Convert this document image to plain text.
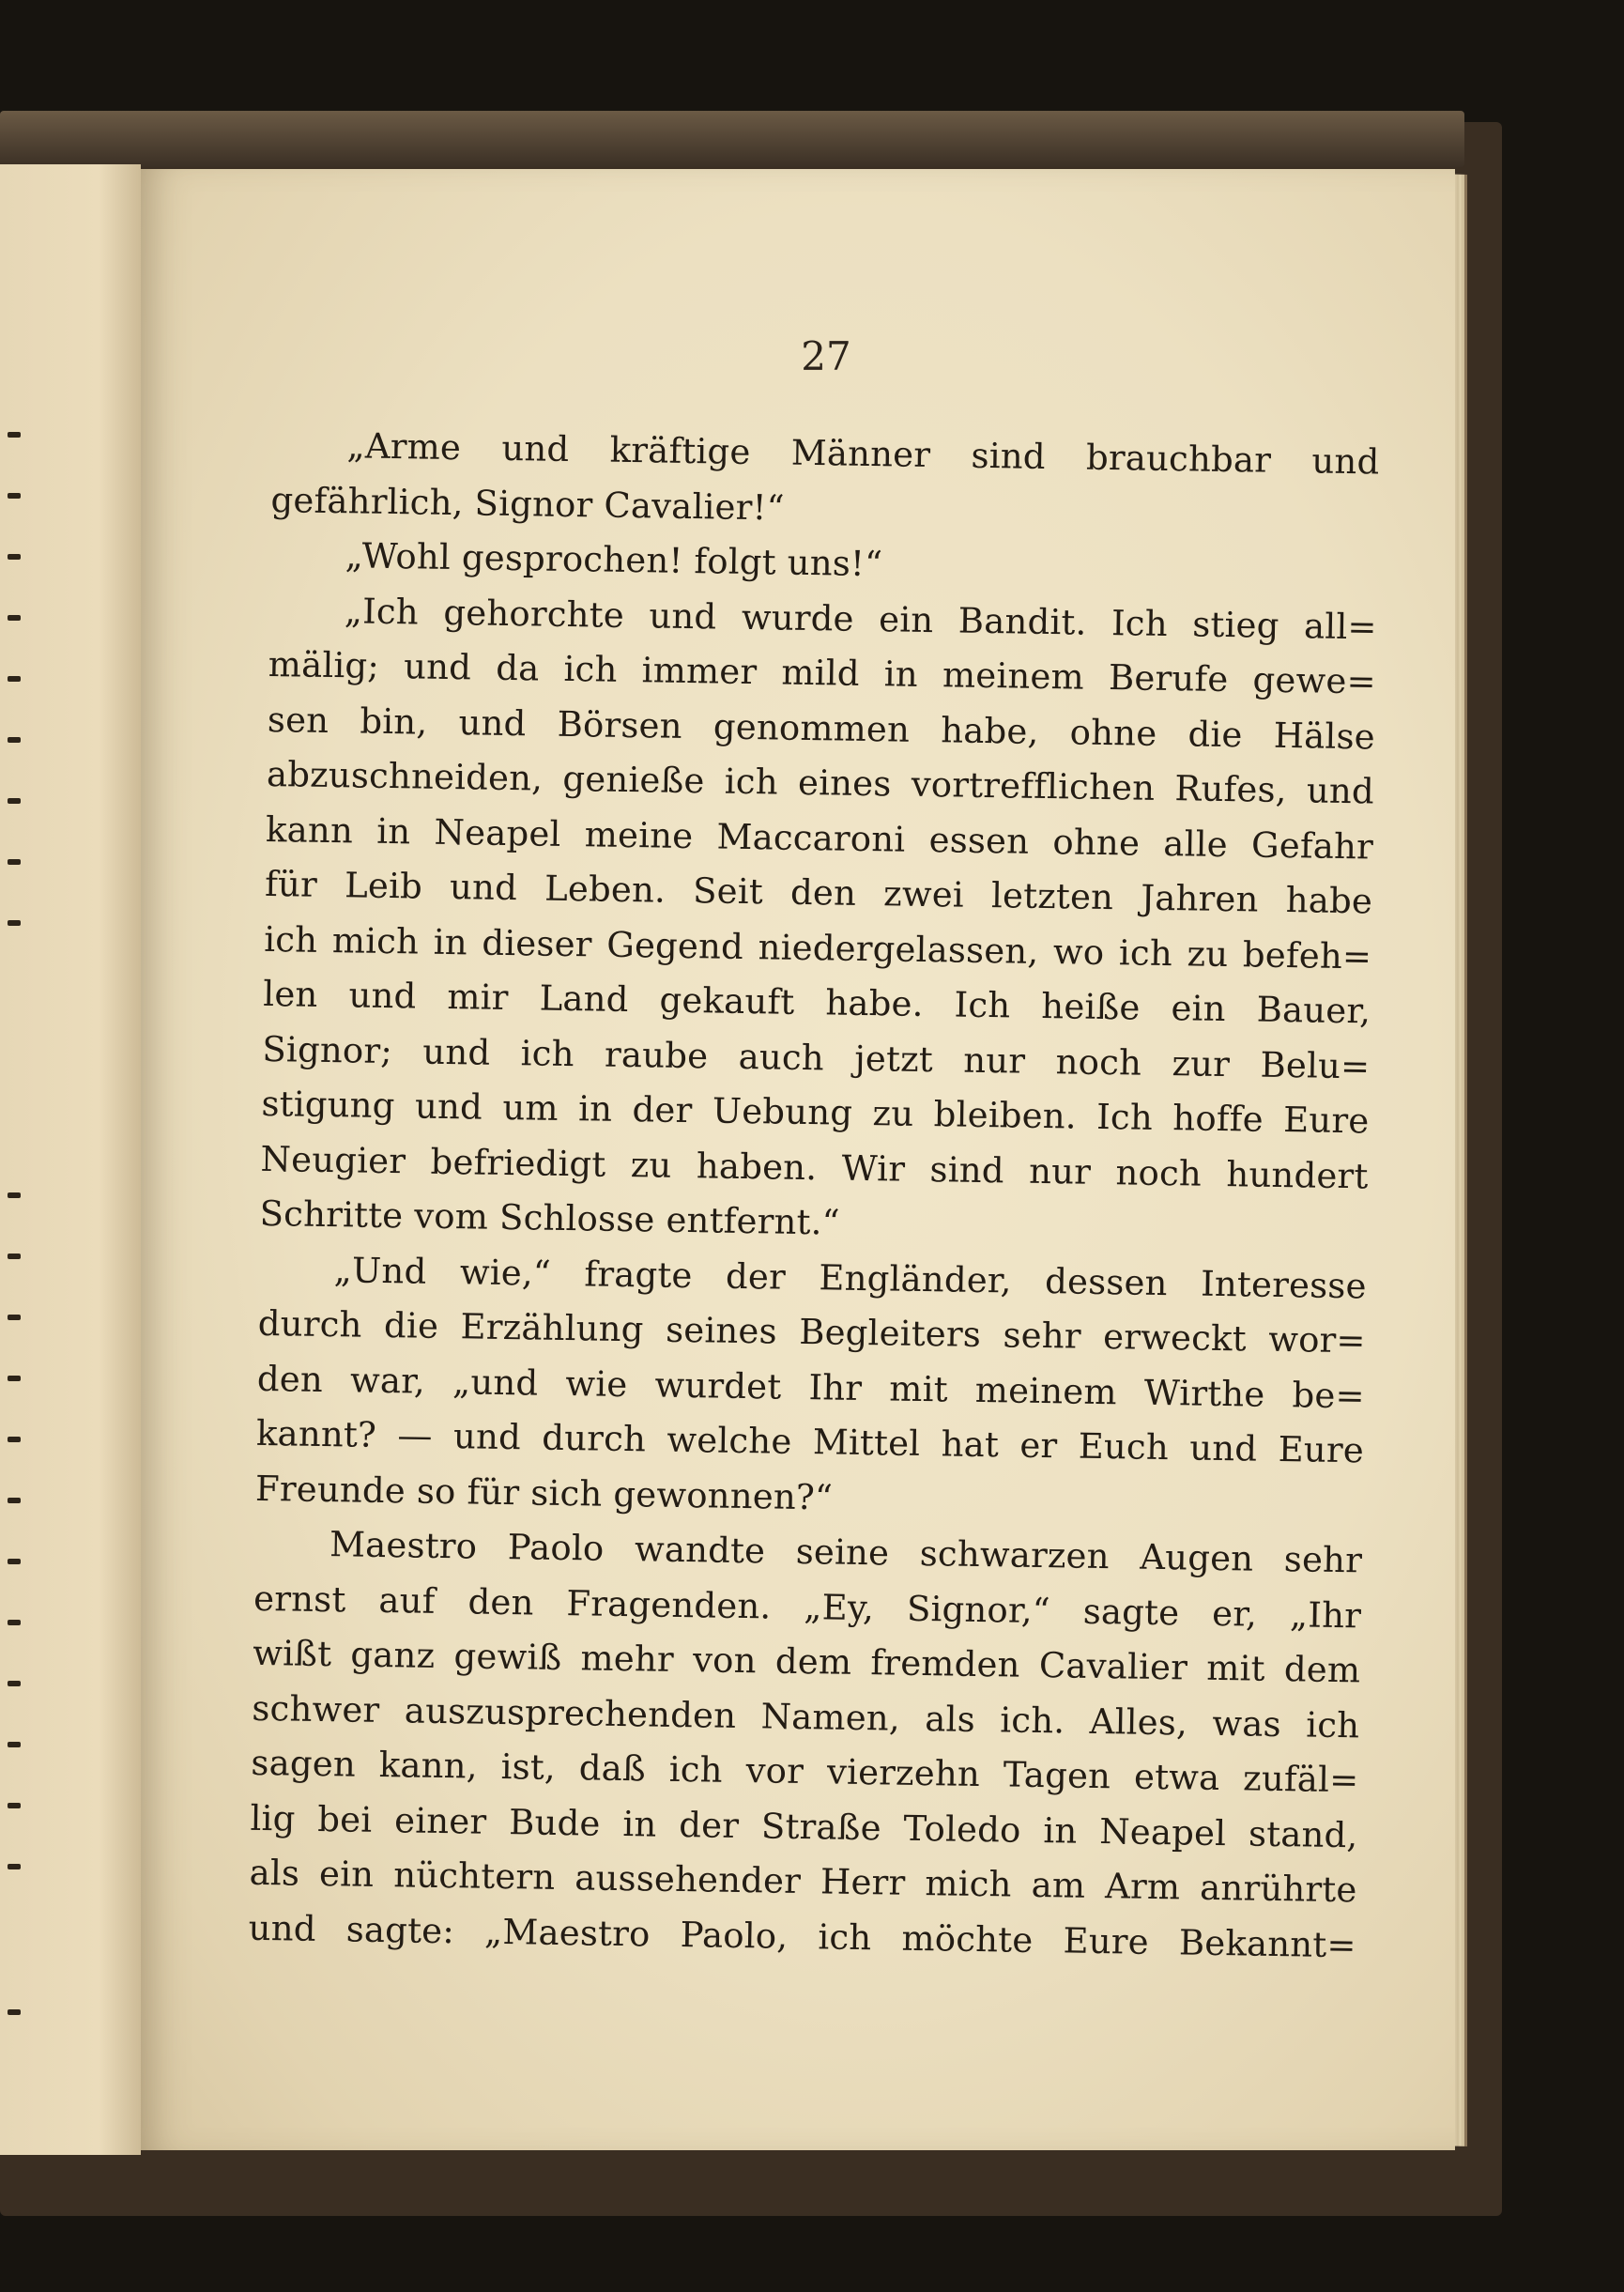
27
„Arme und kräftige Männer sind brauchbar und
gefährlich, Signor Cavalier!“
„Wohl gesprochen! folgt uns!“
„Ich gehorchte und wurde ein Bandit. Ich stieg all=
mälig; und da ich immer mild in meinem Berufe gewe=
sen bin, und Börsen genommen habe, ohne die Hälse
abzuschneiden, genieße ich eines vortrefflichen Rufes, und
kann in Neapel meine Maccaroni essen ohne alle Gefahr
für Leib und Leben. Seit den zwei letzten Jahren habe
ich mich in dieser Gegend niedergelassen, wo ich zu befeh=
len und mir Land gekauft habe. Ich heiße ein Bauer,
Signor; und ich raube auch jetzt nur noch zur Belu=
stigung und um in der Uebung zu bleiben. Ich hoffe Eure
Neugier befriedigt zu haben. Wir sind nur noch hundert
Schritte vom Schlosse entfernt.“
„Und wie,“ fragte der Engländer, dessen Interesse
durch die Erzählung seines Begleiters sehr erweckt wor=
den war, „und wie wurdet Ihr mit meinem Wirthe be=
kannt? — und durch welche Mittel hat er Euch und Eure
Freunde so für sich gewonnen?“
Maestro Paolo wandte seine schwarzen Augen sehr
ernst auf den Fragenden. „Ey, Signor,“ sagte er, „Ihr
wißt ganz gewiß mehr von dem fremden Cavalier mit dem
schwer auszusprechenden Namen, als ich. Alles, was ich
sagen kann, ist, daß ich vor vierzehn Tagen etwa zufäl=
lig bei einer Bude in der Straße Toledo in Neapel stand,
als ein nüchtern aussehender Herr mich am Arm anrührte
und sagte: „Maestro Paolo, ich möchte Eure Bekannt=
